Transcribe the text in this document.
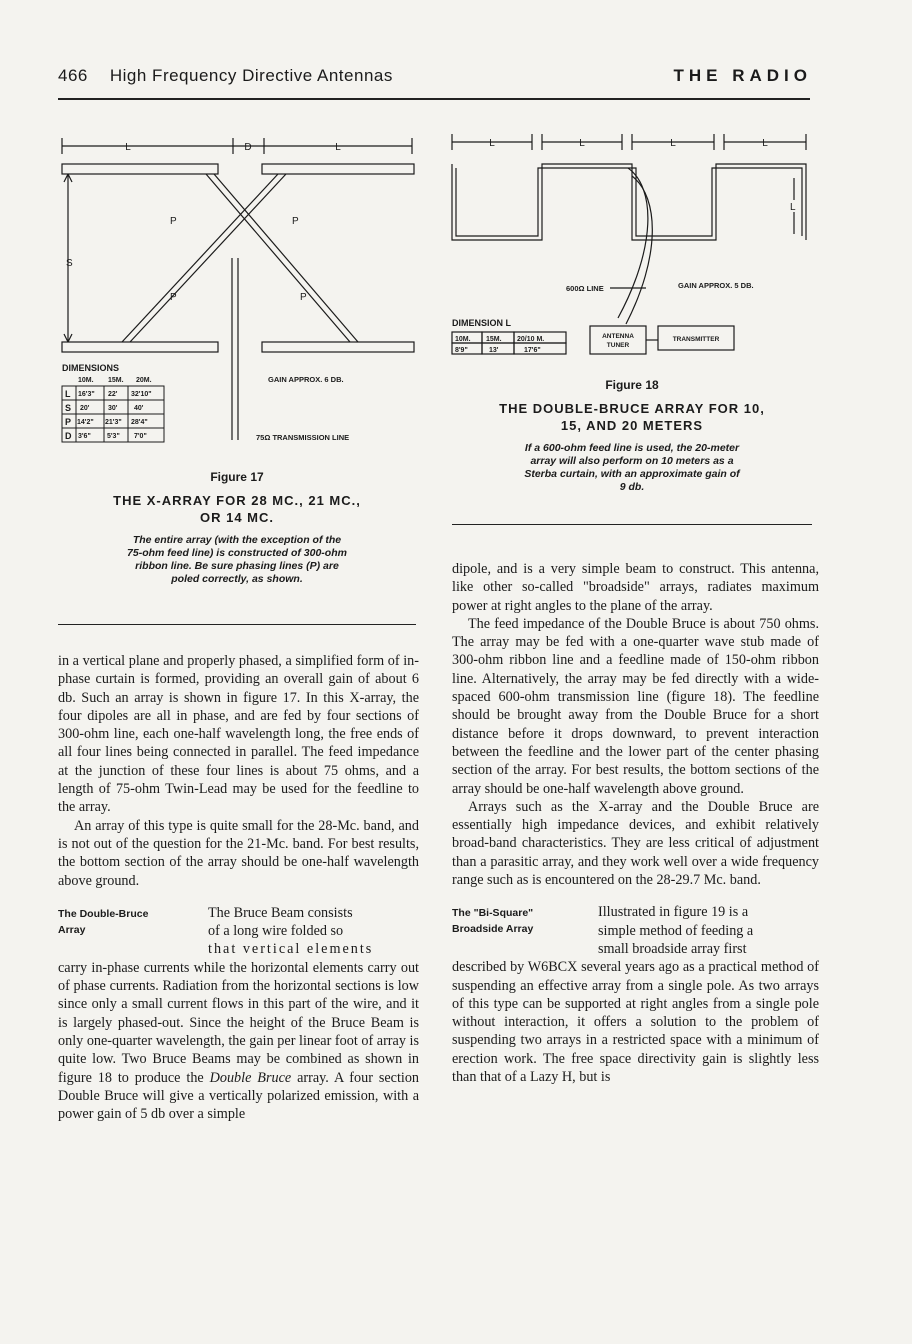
466 High Frequency Directive Antennas	THE RADIO
L	D	L
S
P	P
P	P
GAIN APPROX. 6 DB.
75Ω TRANSMISSION LINE
DIMENSIONS
10M. 15M. 20M.
L 16'3" 22' 32'10"
S 20'	30' 40'
P 14'2" 21'3" 28'4"
D 3'6" 5'3" 7'0"
Figure 17
THE X-ARRAY FOR 28 MC., 21 MC.,
OR 14 MC.
The entire array (with the exception of the
75-ohm feed line) is constructed of 300-ohm
ribbon line. Be sure phasing lines (P) are
poled correctly, as shown.
L	L	L	L
L
600Ω LINE	GAIN APPROX. 5 DB.
DIMENSION L
10M. 15M. 20/10 M.
8'9"	13'	17'6"
ANTENNA
TUNER
TRANSMITTER
Figure 18
THE DOUBLE-BRUCE ARRAY FOR 10,
15, AND 20 METERS
If a 600-ohm feed line is used, the 20-meter
array will also perform on 10 meters as a
Sterba curtain, with an approximate gain of
9 db.

in a vertical plane and properly phased, a simplified form of in-phase curtain is formed, providing an overall gain of about 6 db. Such an array is shown in figure 17. In this X-array, the four dipoles are all in phase, and are fed by four sections of 300-ohm line, each one-half wavelength long, the free ends of all four lines being connected in parallel. The feed impedance at the junction of these four lines is about 75 ohms, and a length of 75-ohm Twin-Lead may be used for the feedline to the array.

An array of this type is quite small for the 28-Mc. band, and is not out of the question for the 21-Mc. band. For best results, the bottom section of the array should be one-half wavelength above ground.

The Double-Bruce
Array
The Bruce Beam consists
of a long wire folded so
that vertical elements

carry in-phase currents while the horizontal elements carry out of phase currents. Radiation from the horizontal sections is low since only a small current flows in this part of the wire, and it is largely phased-out. Since the height of the Bruce Beam is only one-quarter wavelength, the gain per linear foot of array is quite low. Two Bruce Beams may be combined as shown in figure 18 to produce the Double Bruce array. A four section Double Bruce will give a vertically polarized emission, with a power gain of 5 db over a simple

dipole, and is a very simple beam to construct. This antenna, like other so-called "broadside" arrays, radiates maximum power at right angles to the plane of the array.

The feed impedance of the Double Bruce is about 750 ohms. The array may be fed with a one-quarter wave stub made of 300-ohm ribbon line and a feedline made of 150-ohm ribbon line. Alternatively, the array may be fed directly with a wide-spaced 600-ohm transmission line (figure 18). The feedline should be brought away from the Double Bruce for a short distance before it drops downward, to prevent interaction between the feedline and the lower part of the center phasing section of the array. For best results, the bottom sections of the array should be one-half wavelength above ground.

Arrays such as the X-array and the Double Bruce are essentially high impedance devices, and exhibit relatively broad-band characteristics. They are less critical of adjustment than a parasitic array, and they work well over a wide frequency range such as is encountered on the 28-29.7 Mc. band.

The "Bi-Square"
Broadside Array
Illustrated in figure 19 is a
simple method of feeding a
small broadside array first

described by W6BCX several years ago as a practical method of suspending an effective array from a single pole. As two arrays of this type can be supported at right angles from a single pole without interaction, it offers a solution to the problem of suspending two arrays in a restricted space with a minimum of erection work. The free space directivity gain is slightly less than that of a Lazy H, but is
